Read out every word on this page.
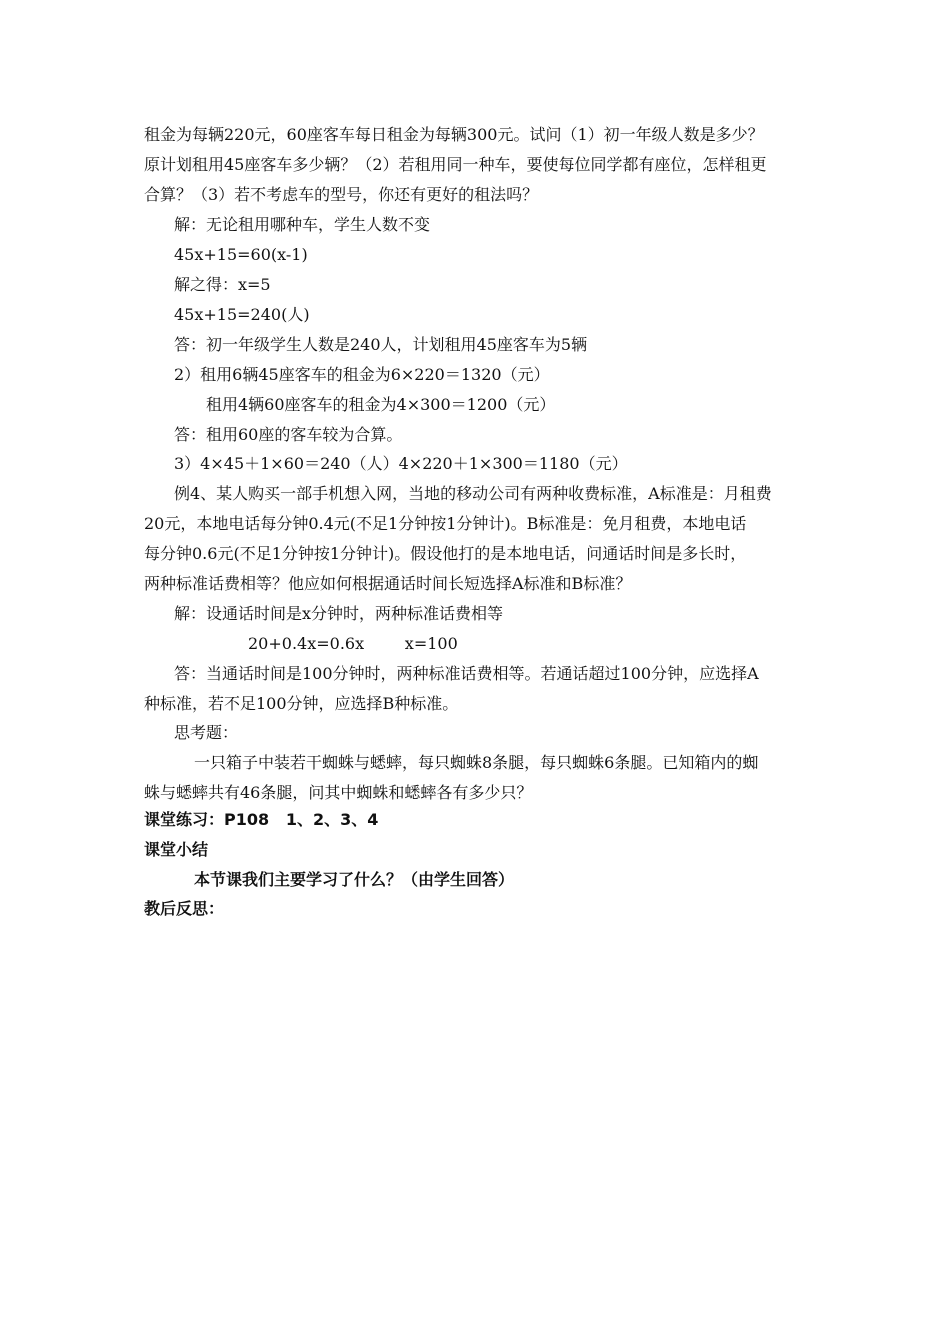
租金为每辆220元，60座客车每日租金为每辆300元。试问（1）初一年级人数是多少？
原计划租用45座客车多少辆？（2）若租用同一种车，要使每位同学都有座位，怎样租更
合算？（3）若不考虑车的型号，你还有更好的租法吗？
解：无论租用哪种车，学生人数不变
45x+15=60(x-1)
解之得：x=5
45x+15=240(人)
答：初一年级学生人数是240人，计划租用45座客车为5辆
2）租用6辆45座客车的租金为6×220＝1320（元）
租用4辆60座客车的租金为4×300＝1200（元）
答：租用60座的客车较为合算。
3）4×45＋1×60＝240（人）4×220＋1×300＝1180（元）
例4、某人购买一部手机想入网，当地的移动公司有两种收费标准，A标准是：月租费
20元，本地电话每分钟0.4元(不足1分钟按1分钟计)。B标准是：免月租费，本地电话
每分钟0.6元(不足1分钟按1分钟计)。假设他打的是本地电话，问通话时间是多长时，
两种标准话费相等？他应如何根据通话时间长短选择A标准和B标准？
解：设通话时间是x分钟时，两种标准话费相等
20+0.4x=0.6x        x=100
答：当通话时间是100分钟时，两种标准话费相等。若通话超过100分钟，应选择A
种标准，若不足100分钟，应选择B种标准。
思考题：
一只箱子中装若干蜘蛛与蟋蟀，每只蜘蛛8条腿，每只蜘蛛6条腿。已知箱内的蜘
蛛与蟋蟀共有46条腿，问其中蜘蛛和蟋蟀各有多少只？
课堂练习：P108   1、2、3、4
课堂小结
本节课我们主要学习了什么？（由学生回答）
教后反思：
